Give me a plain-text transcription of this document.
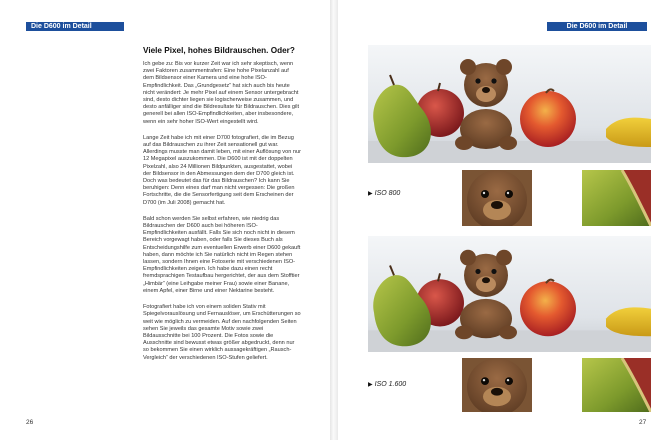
Die D600 im Detail
Viele Pixel, hohes Bildrauschen. Oder?

Ich gebe zu: Bis vor kurzer Zeit war ich sehr skeptisch, wenn zwei Faktoren zusammentrafen: Eine hohe Pixelanzahl auf dem Bildsensor einer Kamera und eine hohe ISO-Empfindlichkeit. Das „Grundgesetz“ hat sich auch bis heute nicht verändert: Je mehr Pixel auf einem Sensor untergebracht sind, desto dichter liegen sie logischerweise zusammen, und desto anfälliger sind die Bildresultate für Bildrauschen. Dies gilt generell bei allen ISO-Empfindlichkeiten, aber insbesondere, wenn ein sehr hoher ISO-Wert eingestellt wird.

Lange Zeit habe ich mit einer D700 fotografiert, die im Bezug auf das Bildrauschen zu ihrer Zeit sensationell gut war. Allerdings musste man damit leben, mit einer Auflösung von nur 12 Megapixel auszukommen. Die D600 ist mit der doppelten Pixelzahl, also 24 Millionen Bildpunkten, ausgestattet, wobei der Bildsensor in den Abmessungen dem der D700 gleich ist. Doch was bedeutet das für das Bildrauschen? Ich kann Sie beruhigen: Denn eines darf man nicht vergessen: Die großen Fortschritte, die die Sensorfertigung seit dem Erscheinen der D700 (im Juli 2008) gemacht hat.

Bald schon werden Sie selbst erfahren, wie niedrig das Bildrauschen der D600 auch bei höheren ISO-Empfindlichkeiten ausfällt. Falls Sie sich noch nicht in diesem Bereich vorgewagt haben, oder falls Sie dieses Buch als Entscheidungshilfe zum eventuellen Erwerb einer D600 gekauft haben, dann möchte ich Sie natürlich nicht im Regen stehen lassen, sondern Ihnen eine Fotoserie mit verschiedenen ISO-Empfindlichkeiten zeigen. Ich habe dazu einen recht fremdsprachigen Testaufbau hergerichtet, der aus dem Stofftier „Himbär“ (eine Leihgabe meiner Frau) sowie einer Banane, einem Apfel, einer Birne und einer Nektarine besteht.

Fotografiert habe ich von einem soliden Stativ mit Spiegelvorauslösung und Fernauslöser, um Erschütterungen so weit wie möglich zu vermeiden. Auf den nachfolgenden Seiten sehen Sie jeweils das gesamte Motiv sowie zwei Bildausschnitte bei 100 Prozent. Die Fotos sowie die Ausschnitte sind bewusst etwas größer abgedruckt, denn nur so bekommen Sie einen wirklich aussagekräftigen „Rausch-Vergleich“ der verschiedenen ISO-Stufen geliefert.

26
Die D600 im Detail
▶ ISO 800
▶ ISO 1.600
27
